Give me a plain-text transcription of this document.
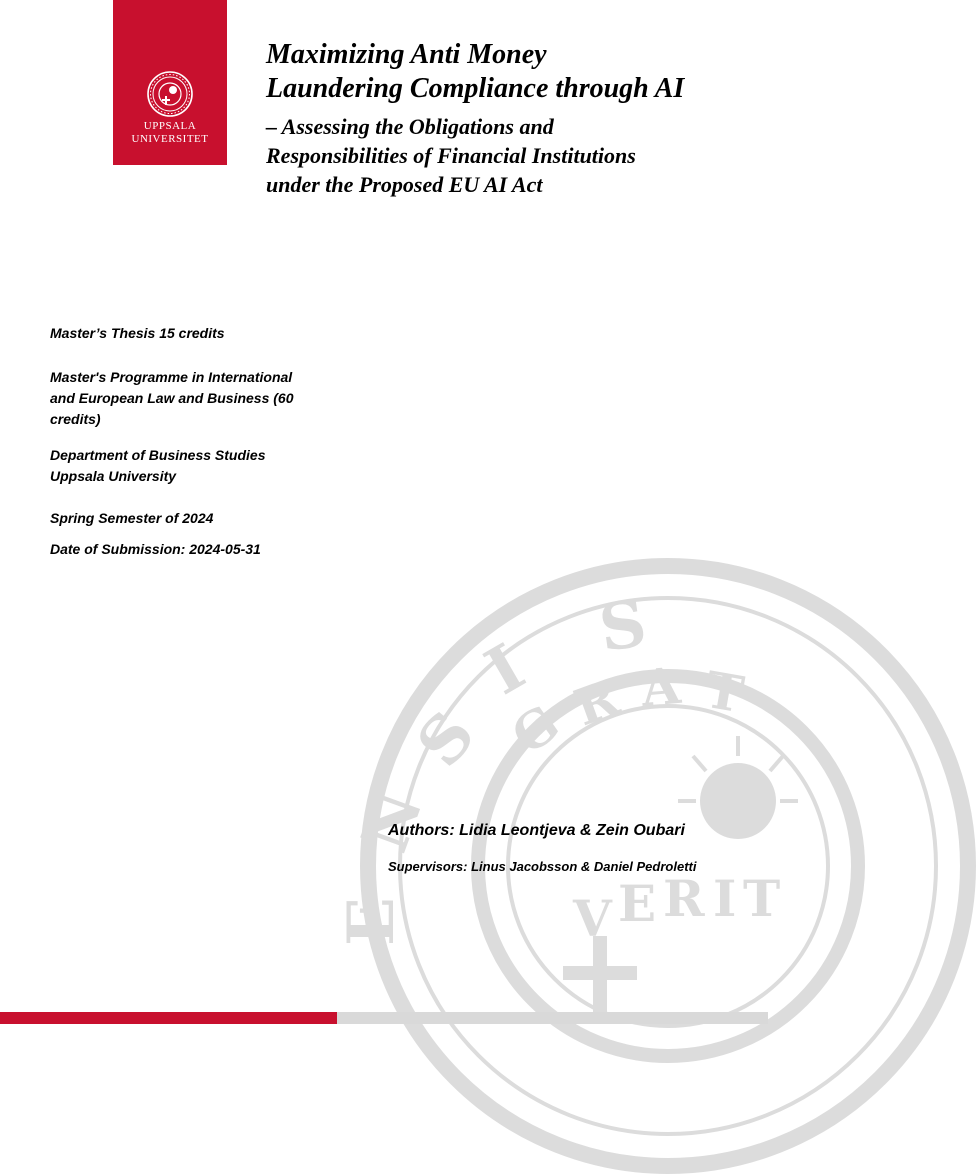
S
I
S
N
E
G
R A T
V E R I T
UPPSALA
UNIVERSITET
Maximizing Anti Money
Laundering Compliance through AI
– Assessing the Obligations and
Responsibilities of Financial Institutions
under the Proposed EU AI Act

Master’s Thesis 15 credits

Master's Programme in International

and European Law and Business (60

credits)

Department of Business Studies

Uppsala University

Spring Semester of 2024

Date of Submission: 2024-05-31

Authors: Lidia Leontjeva & Zein Oubari
Supervisors: Linus Jacobsson & Daniel Pedroletti
